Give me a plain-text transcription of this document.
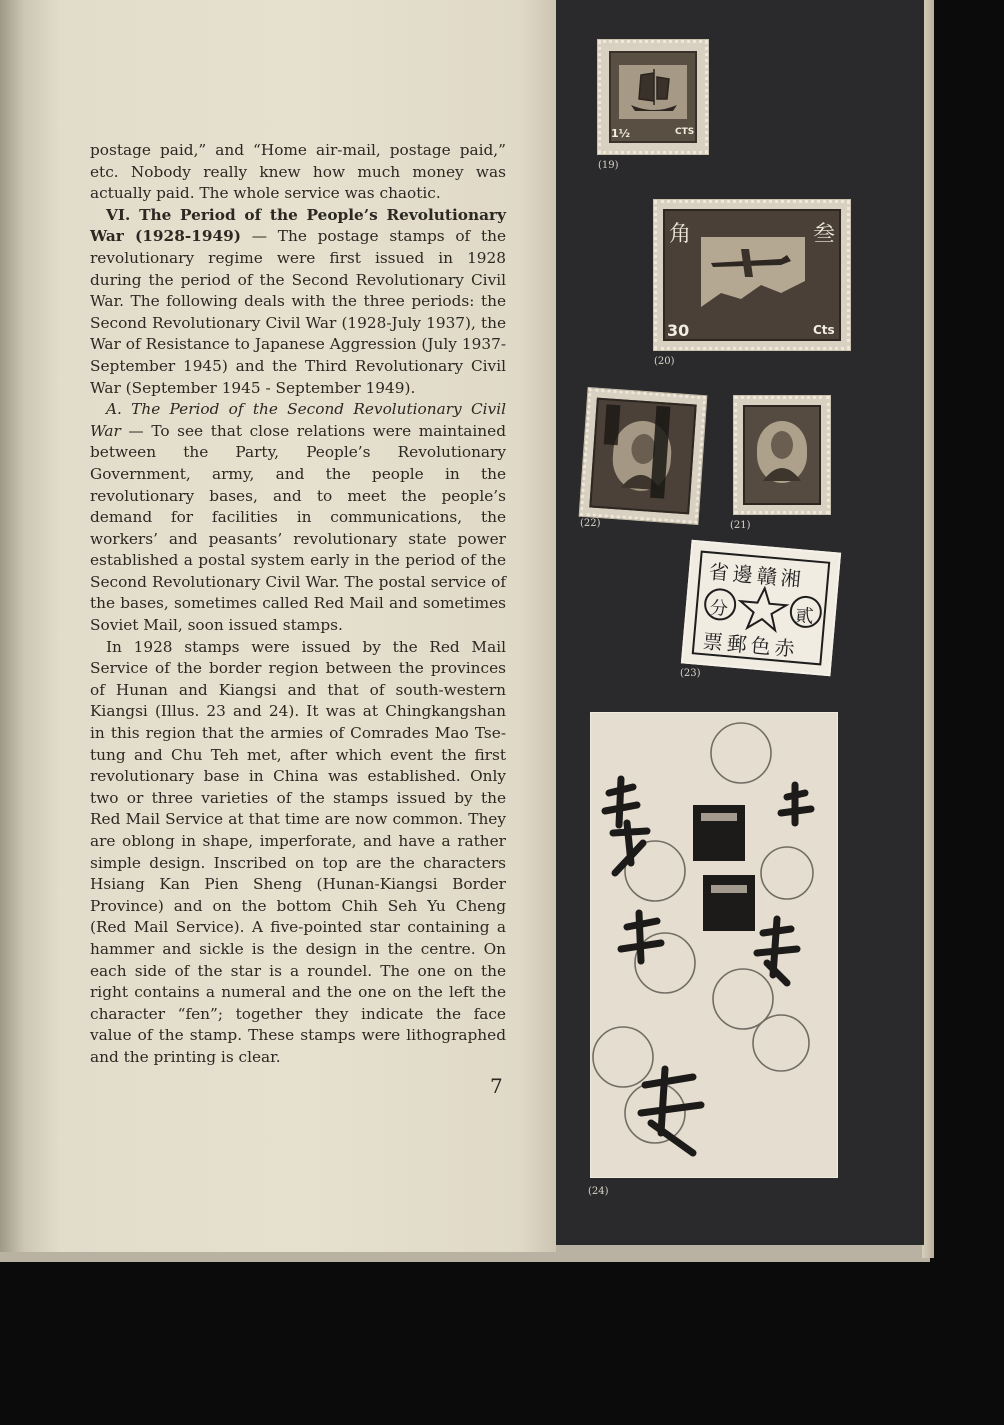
postage paid,” and “Home air-mail, postage paid,” etc. Nobody really knew how much money was actually paid. The whole service was chaotic.

VI. The Period of the People’s Revolutionary War (1928-1949) — The postage stamps of the revolutionary regime were first issued in 1928 during the period of the Second Revolutionary Civil War. The following deals with the three periods: the Second Revolutionary Civil War (1928-July 1937), the War of Resistance to Japanese Aggression (July 1937-September 1945) and the Third Revolutionary Civil War (September 1945 - September 1949).

A. The Period of the Second Revolutionary Civil War — To see that close relations were maintained between the Party, People’s Revolutionary Government, army, and the people in the revolutionary bases, and to meet the people’s demand for facilities in communications, the workers’ and peasants’ revolutionary state power established a postal system early in the period of the Second Revolutionary Civil War. The postal service of the bases, sometimes called Red Mail and sometimes Soviet Mail, soon issued stamps.

In 1928 stamps were issued by the Red Mail Service of the border region between the provinces of Hunan and Kiangsi and that of south-western Kiangsi (Illus. 23 and 24). It was at Chingkangshan in this region that the armies of Comrades Mao Tse-tung and Chu Teh met, after which event the first revolutionary base in China was established. Only two or three varieties of the stamps issued by the Red Mail Service at that time are now common. They are oblong in shape, imperforate, and have a rather simple design. Inscribed on top are the characters Hsiang Kan Pien Sheng (Hunan-Kiangsi Border Province) and on the bottom Chih Seh Yu Cheng (Red Mail Service). A five-pointed star containing a hammer and sickle is the design in the centre. On each side of the star is a roundel. The one on the right contains a numeral and the one on the left the character “fen”; together they indicate the face value of the stamp. These stamps were lithographed and the printing is clear.

7
1½	CTS
(19)
角	叁
30	Cts
(20)
(22)	(21)
省邊贛湘
票郵色赤
分	貳
(23)
(24)
